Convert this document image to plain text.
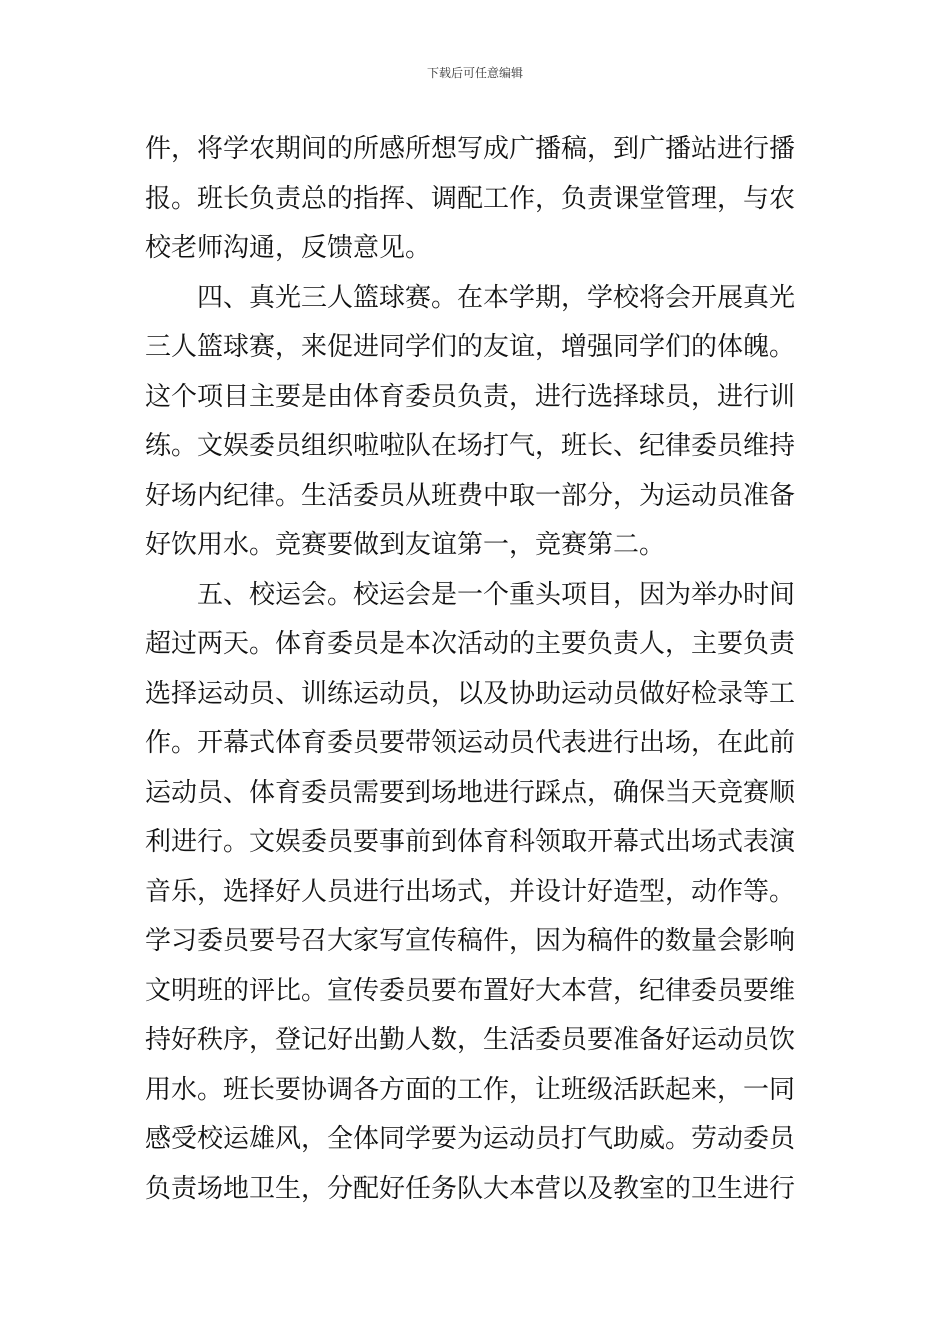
下载后可任意编辑
件，将学农期间的所感所想写成广播稿，到广播站进行播
报。班长负责总的指挥、调配工作，负责课堂管理，与农
校老师沟通，反馈意见。
四、真光三人篮球赛。在本学期，学校将会开展真光
三人篮球赛，来促进同学们的友谊，增强同学们的体魄。
这个项目主要是由体育委员负责，进行选择球员，进行训
练。文娱委员组织啦啦队在场打气，班长、纪律委员维持
好场内纪律。生活委员从班费中取一部分，为运动员准备
好饮用水。竞赛要做到友谊第一，竞赛第二。
五、校运会。校运会是一个重头项目，因为举办时间
超过两天。体育委员是本次活动的主要负责人，主要负责
选择运动员、训练运动员，以及协助运动员做好检录等工
作。开幕式体育委员要带领运动员代表进行出场，在此前
运动员、体育委员需要到场地进行踩点，确保当天竞赛顺
利进行。文娱委员要事前到体育科领取开幕式出场式表演
音乐，选择好人员进行出场式，并设计好造型，动作等。
学习委员要号召大家写宣传稿件，因为稿件的数量会影响
文明班的评比。宣传委员要布置好大本营，纪律委员要维
持好秩序，登记好出勤人数，生活委员要准备好运动员饮
用水。班长要协调各方面的工作，让班级活跃起来，一同
感受校运雄风，全体同学要为运动员打气助威。劳动委员
负责场地卫生，分配好任务队大本营以及教室的卫生进行
